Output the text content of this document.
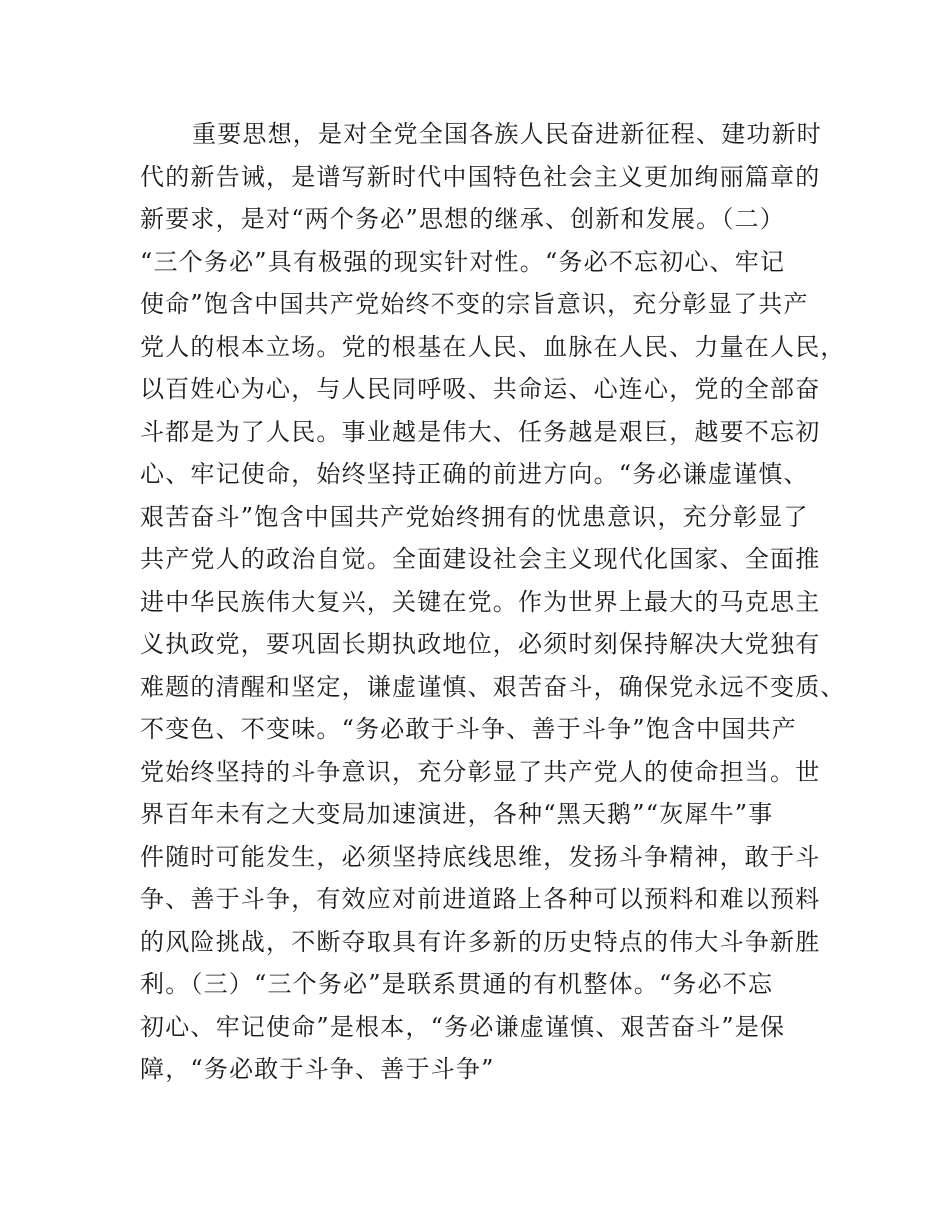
重要思想，是对全党全国各族人民奋进新征程、建功新时
代的新告诫，是谱写新时代中国特色社会主义更加绚丽篇章的
新要求，是对“两个务必”思想的继承、创新和发展。（二）
“三个务必”具有极强的现实针对性。“务必不忘初心、牢记
使命”饱含中国共产党始终不变的宗旨意识，充分彰显了共产
党人的根本立场。党的根基在人民、血脉在人民、力量在人民，
以百姓心为心，与人民同呼吸、共命运、心连心，党的全部奋
斗都是为了人民。事业越是伟大、任务越是艰巨，越要不忘初
心、牢记使命，始终坚持正确的前进方向。“务必谦虚谨慎、
艰苦奋斗”饱含中国共产党始终拥有的忧患意识，充分彰显了
共产党人的政治自觉。全面建设社会主义现代化国家、全面推
进中华民族伟大复兴，关键在党。作为世界上最大的马克思主
义执政党，要巩固长期执政地位，必须时刻保持解决大党独有
难题的清醒和坚定，谦虚谨慎、艰苦奋斗，确保党永远不变质、
不变色、不变味。“务必敢于斗争、善于斗争”饱含中国共产
党始终坚持的斗争意识，充分彰显了共产党人的使命担当。世
界百年未有之大变局加速演进，各种“黑天鹅”“灰犀牛”事
件随时可能发生，必须坚持底线思维，发扬斗争精神，敢于斗
争、善于斗争，有效应对前进道路上各种可以预料和难以预料
的风险挑战，不断夺取具有许多新的历史特点的伟大斗争新胜
利。（三）“三个务必”是联系贯通的有机整体。“务必不忘
初心、牢记使命”是根本，“务必谦虚谨慎、艰苦奋斗”是保
障，“务必敢于斗争、善于斗争”
